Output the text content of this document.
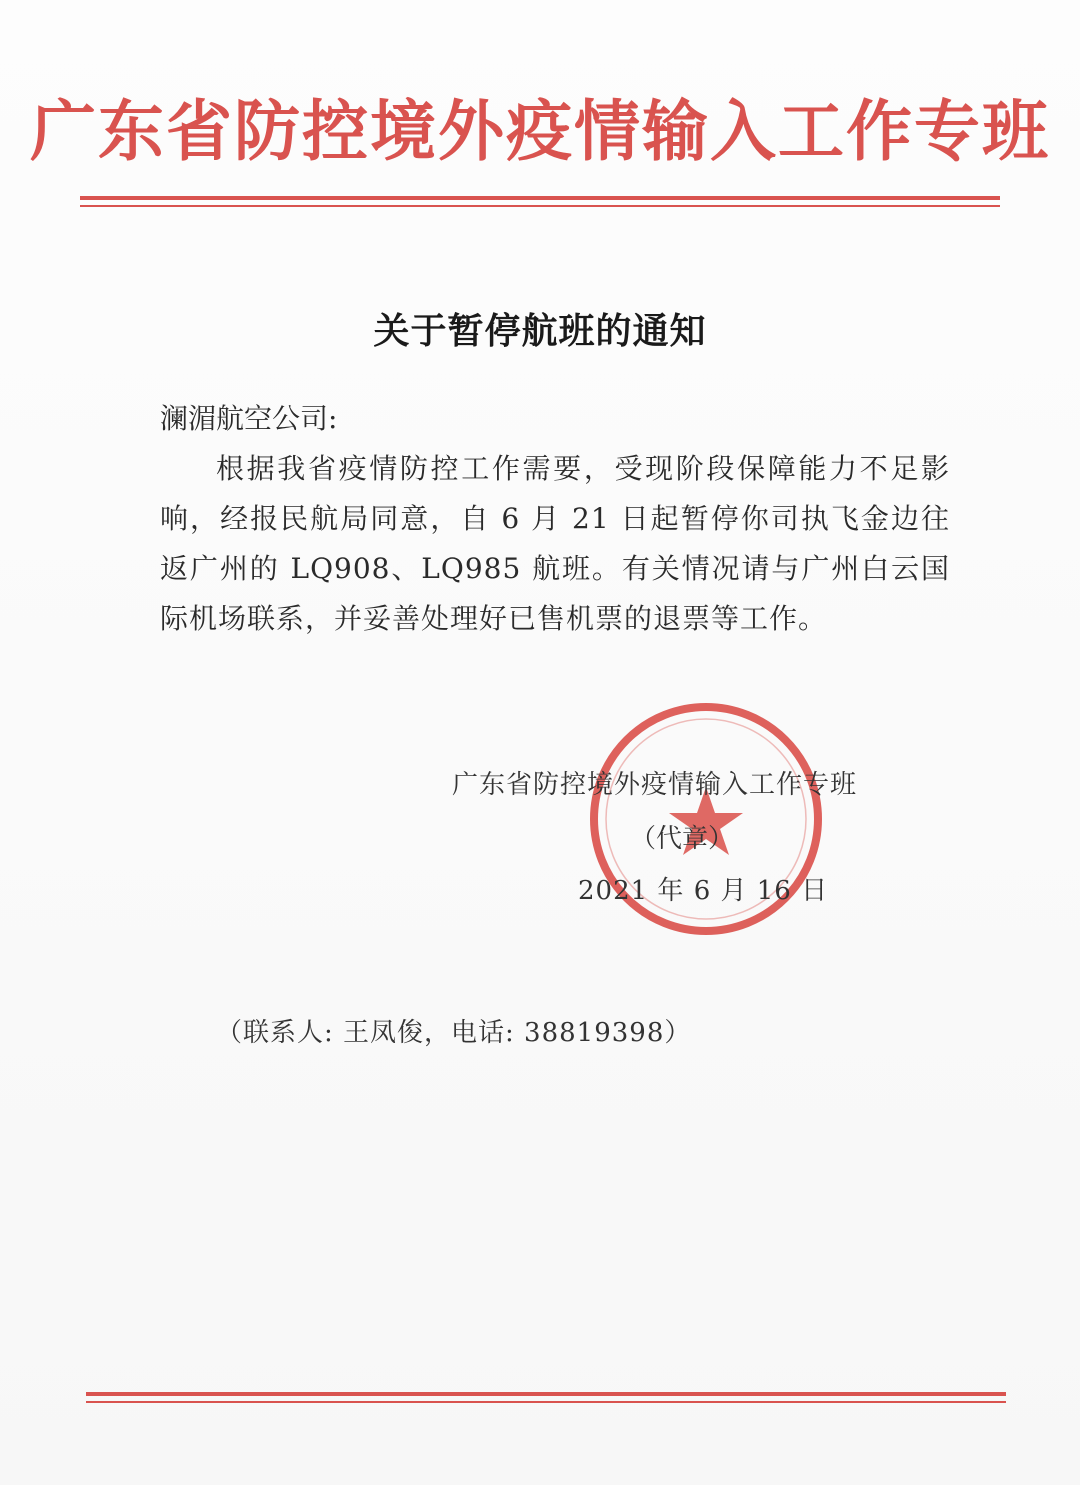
广东省防控境外疫情输入工作专班
关于暂停航班的通知
澜湄航空公司:
根据我省疫情防控工作需要，受现阶段保障能力不足影响，经报民航局同意，自 6 月 21 日起暂停你司执飞金边往返广州的 LQ908、LQ985 航班。有关情况请与广州白云国际机场联系，并妥善处理好已售机票的退票等工作。
广东省防控境外疫情输入工作专班
（代章）
2021 年 6 月 16 日
（联系人: 王凤俊，电话: 38819398）
